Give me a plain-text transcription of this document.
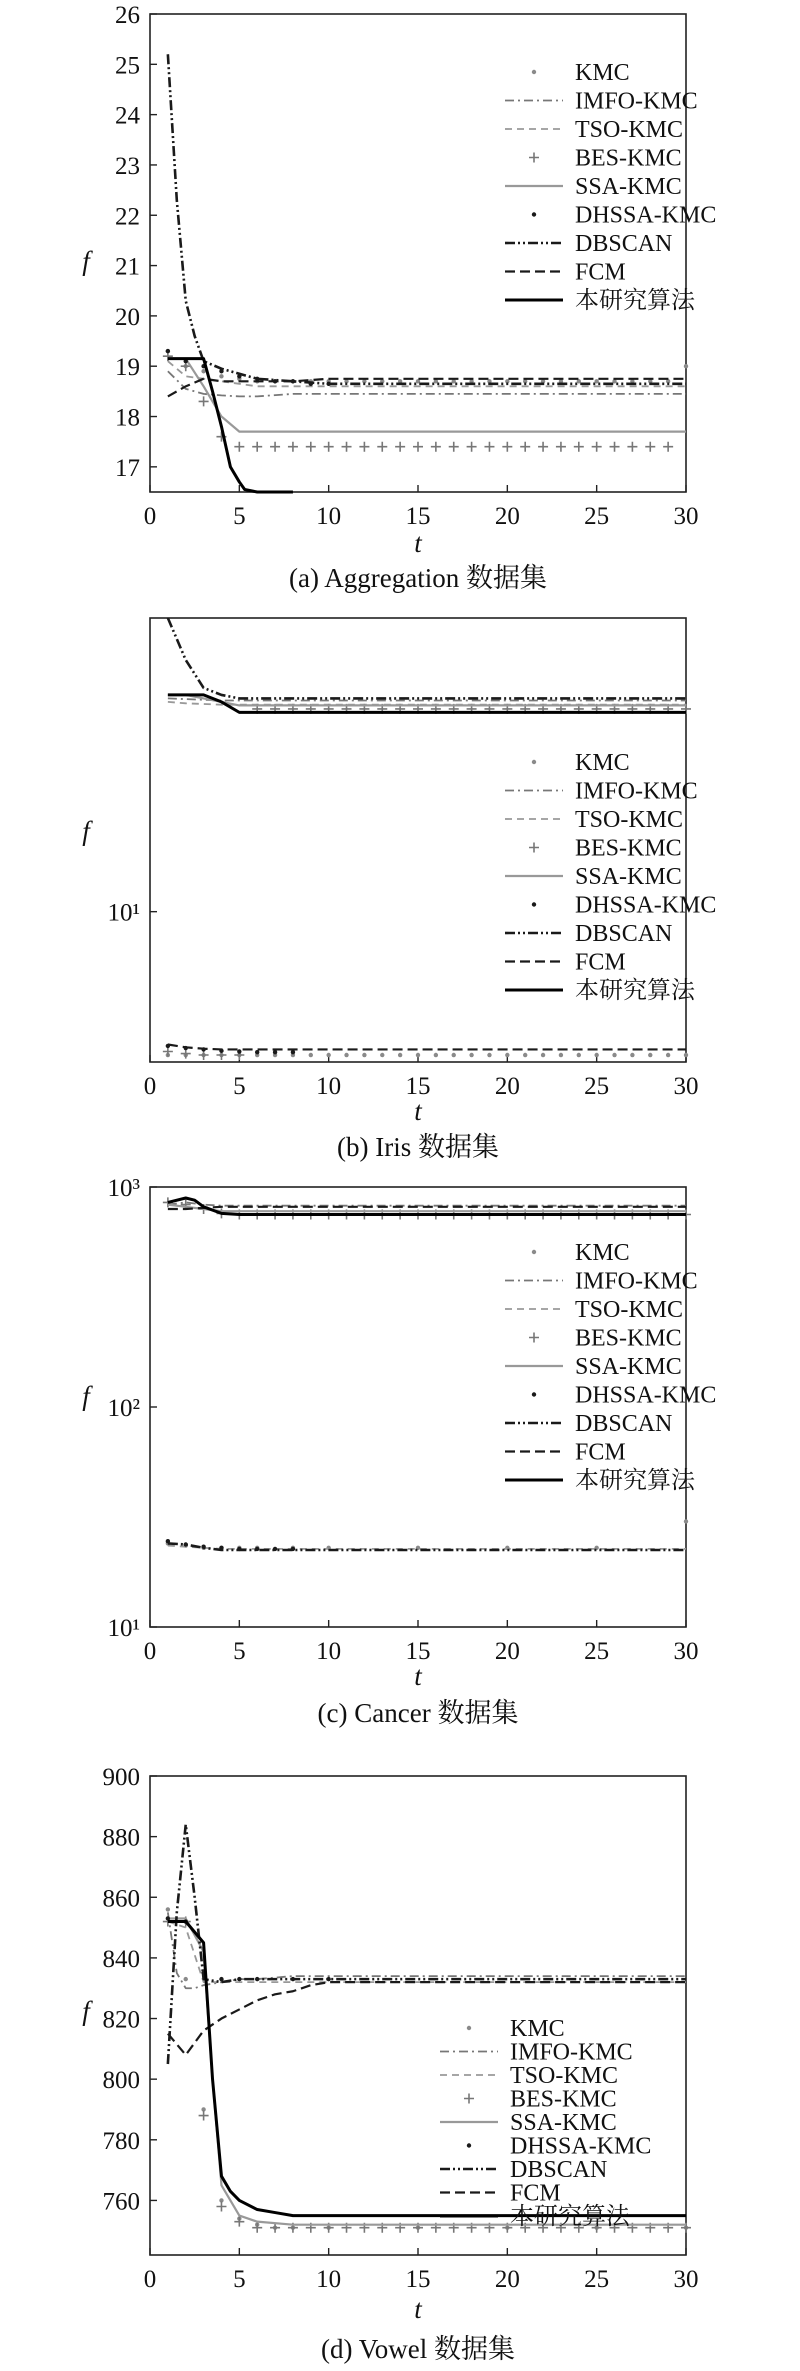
0	5	10	15	20	25	30
17
18
19
20
21
22
23
24
25
26
KMC
IMFO-KMC
TSO-KMC
BES-KMC
SSA-KMC
DHSSA-KMC
DBSCAN
FCM
本研究算法
t
f
(a) Aggregation 数据集
0	5	10	15	20	25	30
10¹
KMC
IMFO-KMC
TSO-KMC
BES-KMC
SSA-KMC
DHSSA-KMC
DBSCAN
FCM
本研究算法
t
f
(b) Iris 数据集
0	5	10	15	20	25	30
10¹
10²
10³
KMC
IMFO-KMC
TSO-KMC
BES-KMC
SSA-KMC
DHSSA-KMC
DBSCAN
FCM
本研究算法
t
f
(c) Cancer 数据集
0	5	10	15	20	25	30
760
780
800
820
840
860
880
900
KMC
IMFO-KMC
TSO-KMC
BES-KMC
SSA-KMC
DHSSA-KMC
DBSCAN
FCM
本研究算法
t
f
(d) Vowel 数据集
